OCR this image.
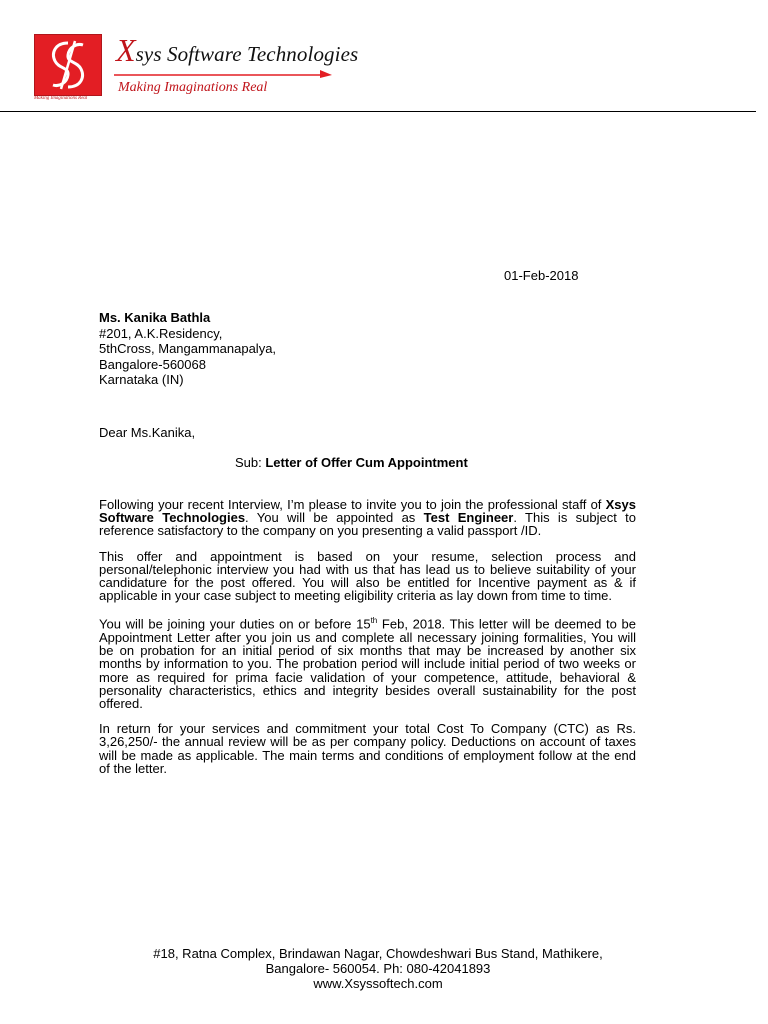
Making Imaginations Real
Xsys Software Technologies
Making Imaginations Real
01-Feb-2018
Ms. Kanika Bathla
#201, A.K.Residency,
5thCross, Mangammanapalya,
Bangalore-560068
Karnataka (IN)
Dear Ms.Kanika,
Sub: Letter of Offer Cum Appointment

Following your recent Interview, I’m please to invite you to join the professional staff of Xsys Software Technologies. You will be appointed as Test Engineer. This is subject to reference satisfactory to the company on you presenting a valid passport /ID.

This offer and appointment is based on your resume, selection process and personal/telephonic interview you had with us that has lead us to believe suitability of your candidature for the post offered. You will also be entitled for Incentive payment as & if applicable in your case subject to meeting eligibility criteria as lay down from time to time.

You will be joining your duties on or before 15th Feb, 2018. This letter will be deemed to be Appointment Letter after you join us and complete all necessary joining formalities, You will be on probation for an initial period of six months that may be increased by another six months by information to you. The probation period will include initial period of two weeks or more as required for prima facie validation of your competence, attitude, behavioral & personality characteristics, ethics and integrity besides overall sustainability for the post offered.

In return for your services and commitment your total Cost To Company (CTC) as Rs. 3,26,250/- the annual review will be as per company policy. Deductions on account of taxes will be made as applicable. The main terms and conditions of employment follow at the end of the letter.

#18, Ratna Complex, Brindawan Nagar, Chowdeshwari Bus Stand, Mathikere,
Bangalore- 560054. Ph: 080-42041893
www.Xsyssoftech.com
